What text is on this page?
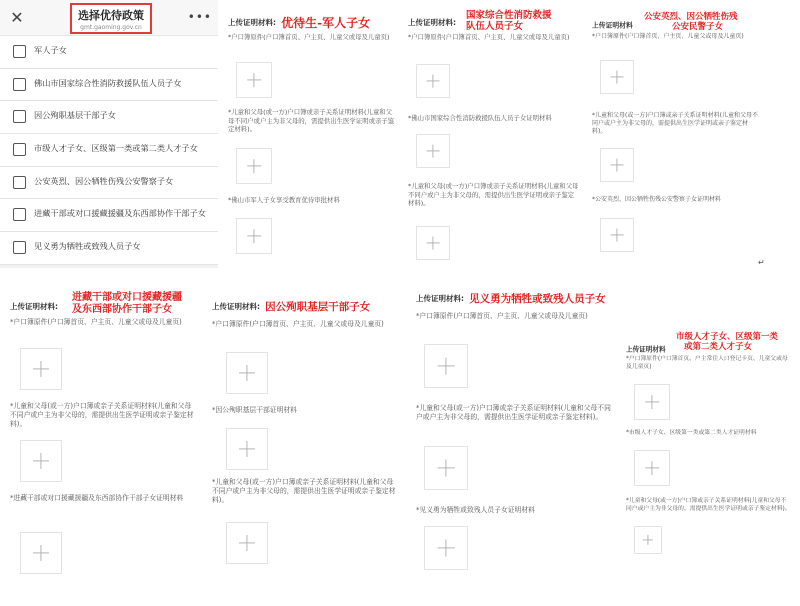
✕	选择优待政策
gmt.gaoming.gov.cn
•••
军人子女
佛山市国家综合性消防救援队伍人员子女
因公殉职基层干部子女
市级人才子女、区级第一类或第二类人才子女
公安英烈、因公牺牲伤残公安警察子女
进藏干部或对口援藏援疆及东西部协作干部子女
见义勇为牺牲或致残人员子女
上传证明材料: 优待生-军人子女
*户口簿原件(户口簿首页、户主页、儿童父或母及儿童页)
*儿童和父母(或一方)户口簿或亲子关系证明材料(儿童和父母不同户或户主为非父母的，需提供出生医学证明或亲子鉴定材料)。
*佛山市军人子女享受教育优待审批材料
上传证明材料:
国家综合性消防救援
队伍人员子女
*户口簿原件(户口簿首页、户主页、儿童父或母及儿童页)
*佛山市国家综合性消防救援队伍人员子女证明材料
*儿童和父母(或一方)户口簿或亲子关系证明材料(儿童和父母不同户或户主为非父母的，需提供出生医学证明或亲子鉴定材料)。
上传证明材料
公安英烈、因公牺牲伤残
公安民警子女
*户口簿原件(户口簿首页、户主页、儿童父或母及儿童页)
*儿童和父母(或一方)户口簿或亲子关系证明材料(儿童和父母不同户或户主为非父母的，需提供出生医学证明或亲子鉴定材料)。
*公安英烈、因公牺牲伤残公安警察子女证明材料
↵
上传证明材料:
进藏干部或对口援藏援疆
及东西部协作干部子女
*户口簿原件(户口簿首页、户主页、儿童父或母及儿童页)
*儿童和父母(或一方)户口簿或亲子关系证明材料(儿童和父母不同户或户主为非父母的，需提供出生医学证明或亲子鉴定材料)。
*进藏干部或对口援藏援疆及东西部协作干部子女证明材料
上传证明材料: 因公殉职基层干部子女
*户口簿原件(户口簿首页、户主页、儿童父或母及儿童页)
*因公殉职基层干部证明材料
*儿童和父母(或一方)户口簿或亲子关系证明材料(儿童和父母不同户或户主为非父母的，需提供出生医学证明或亲子鉴定材料)。
上传证明材料: 见义勇为牺牲或致残人员子女
*户口簿原件(户口簿首页、户主页、儿童父或母及儿童页)
*儿童和父母(或一方)户口簿或亲子关系证明材料(儿童和父母不同户或户主为非父母的，需提供出生医学证明或亲子鉴定材料)。
*见义勇为牺牲或致残人员子女证明材料
上传证明材料
市级人才子女、区级第一类
或第二类人才子女
*户口簿原件(户口簿首页、户主常住人口登记卡页、儿童父或母及儿童页)
*市级人才子女、区级第一类或第二类人才证明材料
*儿童和父母(或一方)户口簿或亲子关系证明材料(儿童和父母不同户或户主为非父母的，需提供出生医学证明或亲子鉴定材料)。
